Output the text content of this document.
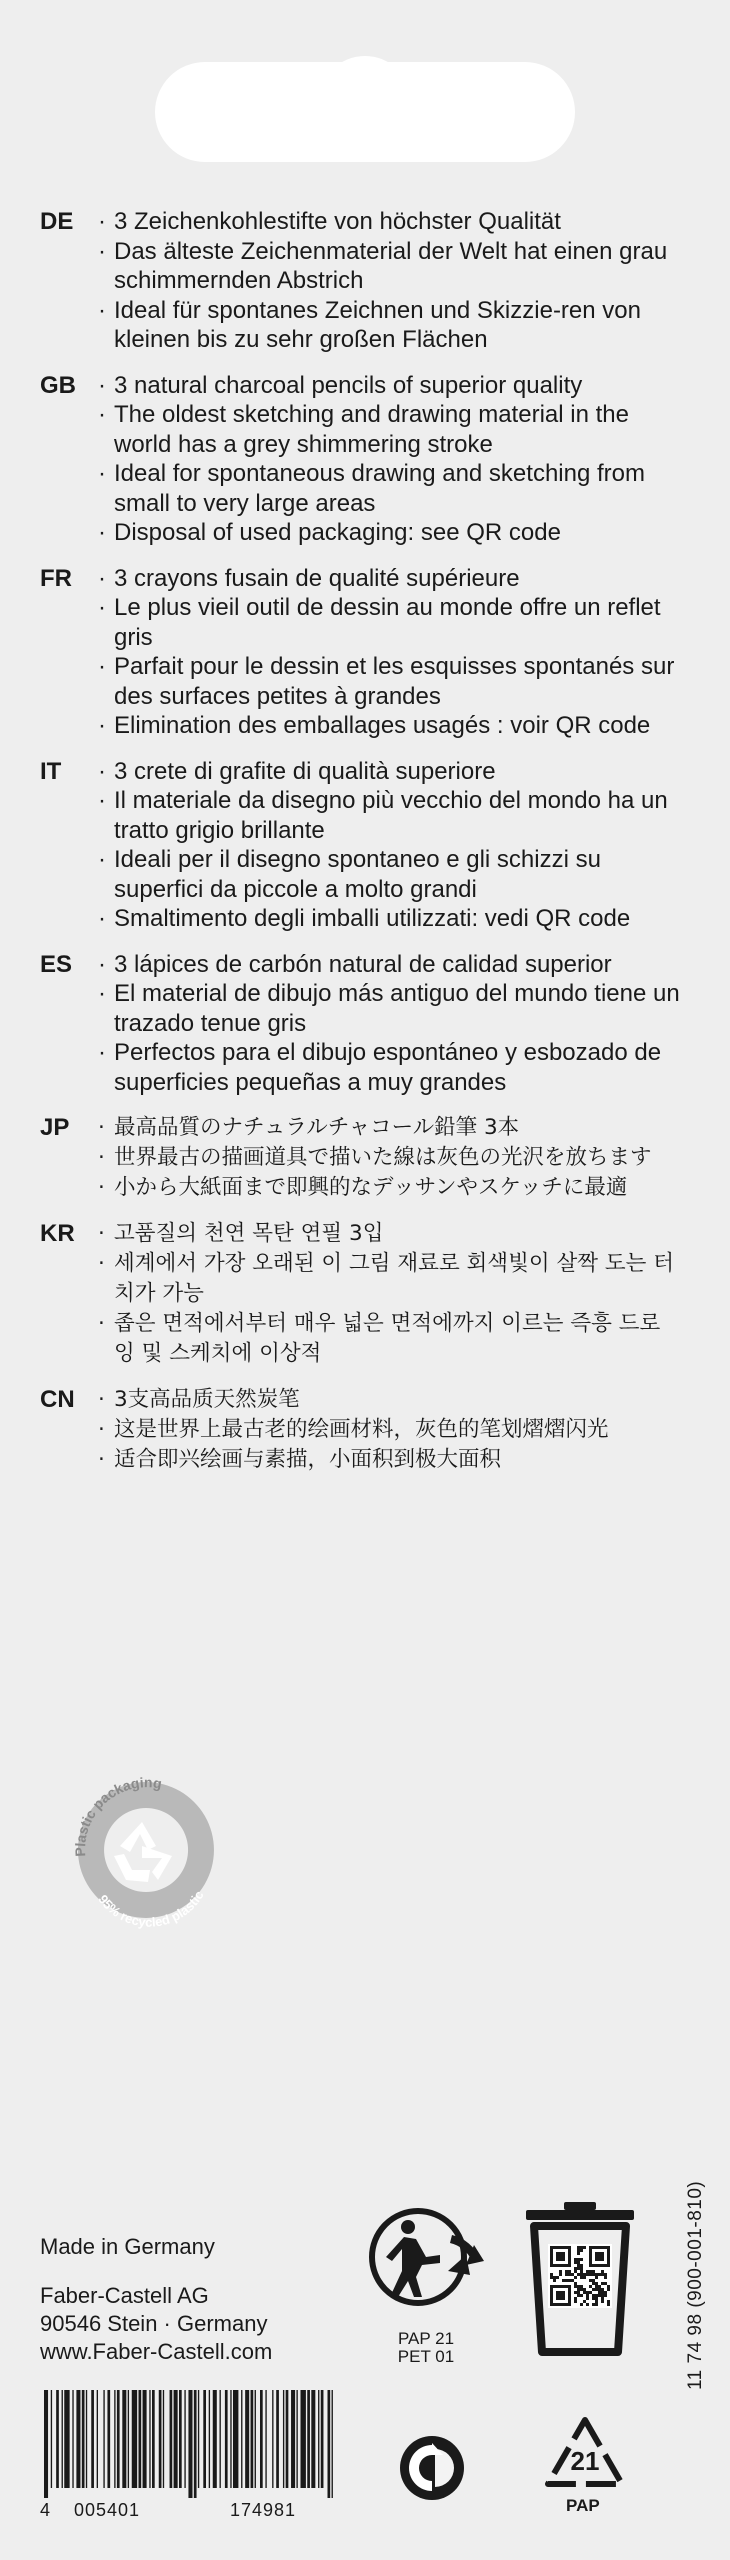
DE	· 3 Zeichenkohlestifte von höchster Qualität
· Das älteste Zeichenmaterial der Welt hat einen grau schimmernden Abstrich
· Ideal für spontanes Zeichnen und Skizzie-ren von kleinen bis zu sehr großen Flächen
GB	· 3 natural charcoal pencils of superior quality
· The oldest sketching and drawing material in the world has a grey shimmering stroke
· Ideal for spontaneous drawing and sketching from small to very large areas
· Disposal of used packaging: see QR code
FR	· 3 crayons fusain de qualité supérieure
· Le plus vieil outil de dessin au monde offre un reflet gris
· Parfait pour le dessin et les esquisses spontanés sur des surfaces petites à grandes
· Elimination des emballages usagés : voir QR code
IT	· 3 crete di grafite di qualità superiore
· Il materiale da disegno più vecchio del mondo ha un tratto grigio brillante
· Ideali per il disegno spontaneo e gli schizzi su superfici da piccole a molto grandi
· Smaltimento degli imballi utilizzati: vedi QR code
ES	· 3 lápices de carbón natural de calidad superior
· El material de dibujo más antiguo del mundo tiene un trazado tenue gris
· Perfectos para el dibujo espontáneo y esbozado de superficies pequeñas a muy grandes
JP	· 最高品質のナチュラルチャコール鉛筆 3本
· 世界最古の描画道具で描いた線は灰色の光沢を放ちます
· 小から大紙面まで即興的なデッサンやスケッチに最適
KR	· 고품질의 천연 목탄 연필 3입
· 세계에서 가장 오래된 이 그림 재료로 회색빛이 살짝 도는 터치가 가능
· 좁은 면적에서부터 매우 넓은 면적에까지 이르는 즉흥 드로잉 및 스케치에 이상적
CN	· 3支高品质天然炭笔
· 这是世界上最古老的绘画材料，灰色的笔划熠熠闪光
· 适合即兴绘画与素描，小面积到极大面积
Plastic packaging
95% recycled plastic
Made in Germany
Faber-Castell AG
90546 Stein · Germany
www.Faber-Castell.com
4	005401	174981
PAP 21
PET 01
21
PAP
11 74 98 (900-001-810)
